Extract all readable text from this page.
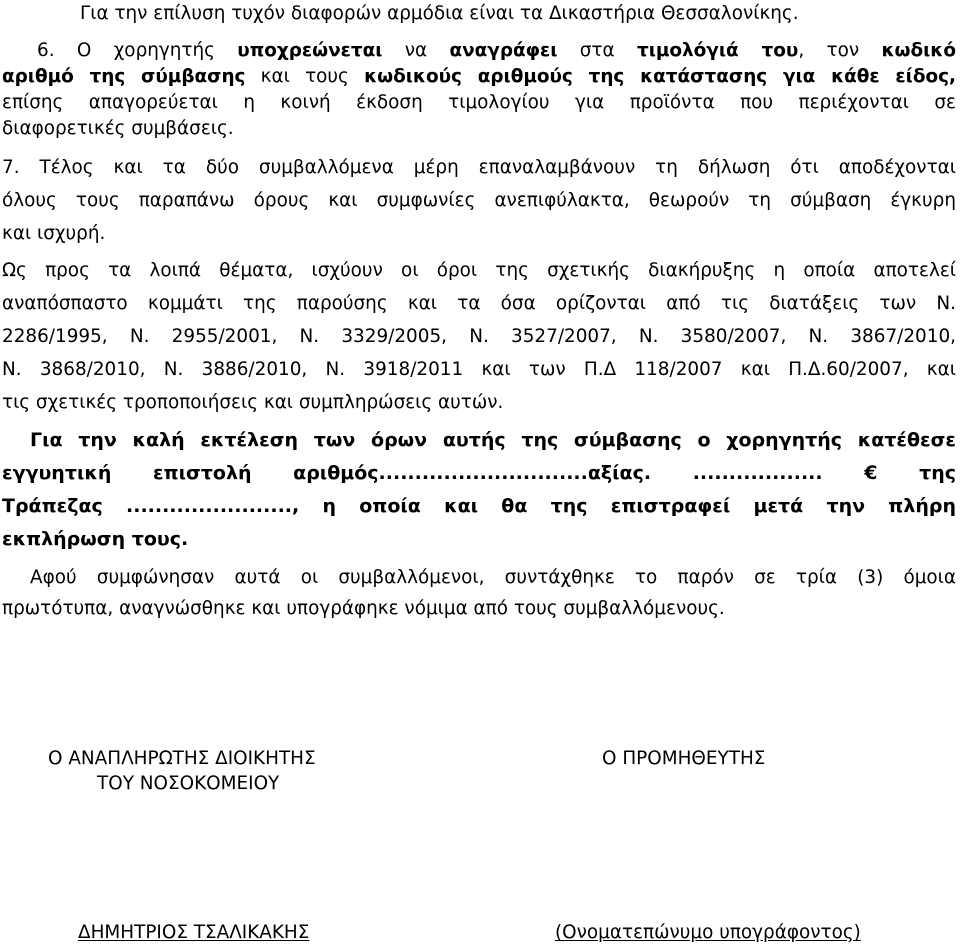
Για την επίλυση τυχόν διαφορών αρμόδια είναι τα Δικαστήρια Θεσσαλονίκης.
6. Ο χορηγητής υποχρεώνεται να αναγράφει στα τιμολόγιά του, τον κωδικό
αριθμό της σύμβασης και τους κωδικούς αριθμούς της κατάστασης για κάθε είδος,
επίσης απαγορεύεται η κοινή έκδοση τιμολογίου για προϊόντα που περιέχονται σε
διαφορετικές συμβάσεις.
7. Τέλος και τα δύο συμβαλλόμενα μέρη επαναλαμβάνουν τη δήλωση ότι αποδέχονται
όλους τους παραπάνω όρους και συμφωνίες ανεπιφύλακτα, θεωρούν τη σύμβαση έγκυρη
και ισχυρή.
Ως προς τα λοιπά θέματα, ισχύουν οι όροι της σχετικής διακήρυξης η οποία αποτελεί
αναπόσπαστο κομμάτι της παρούσης και τα όσα ορίζονται από τις διατάξεις των Ν.
2286/1995, Ν. 2955/2001, Ν. 3329/2005, Ν. 3527/2007, Ν. 3580/2007, Ν. 3867/2010,
Ν. 3868/2010, Ν. 3886/2010, Ν. 3918/2011 και των Π.Δ 118/2007 και Π.Δ.60/2007, και
τις σχετικές τροποποιήσεις και συμπληρώσεις αυτών.
Για την καλή εκτέλεση των όρων αυτής της σύμβασης ο χορηγητής κατέθεσε
εγγυητική επιστολή αριθμός.............................αξίας. .................. € της
Τράπεζας ......................., η οποία και θα της επιστραφεί μετά την πλήρη
εκπλήρωση τους.
Αφού συμφώνησαν αυτά οι συμβαλλόμενοι, συντάχθηκε το παρόν σε τρία (3) όμοια
πρωτότυπα, αναγνώσθηκε και υπογράφηκε νόμιμα από τους συμβαλλόμενους.
Ο ΑΝΑΠΛΗΡΩΤΗΣ ΔΙΟΙΚΗΤΗΣ
ΤΟΥ ΝΟΣΟΚΟΜΕΙΟΥ
Ο ΠΡΟΜΗΘΕΥΤΗΣ
ΔΗΜΗΤΡΙΟΣ ΤΣΑΛΙΚΑΚΗΣ	(Ονοματεπώνυμο υπογράφοντος)
